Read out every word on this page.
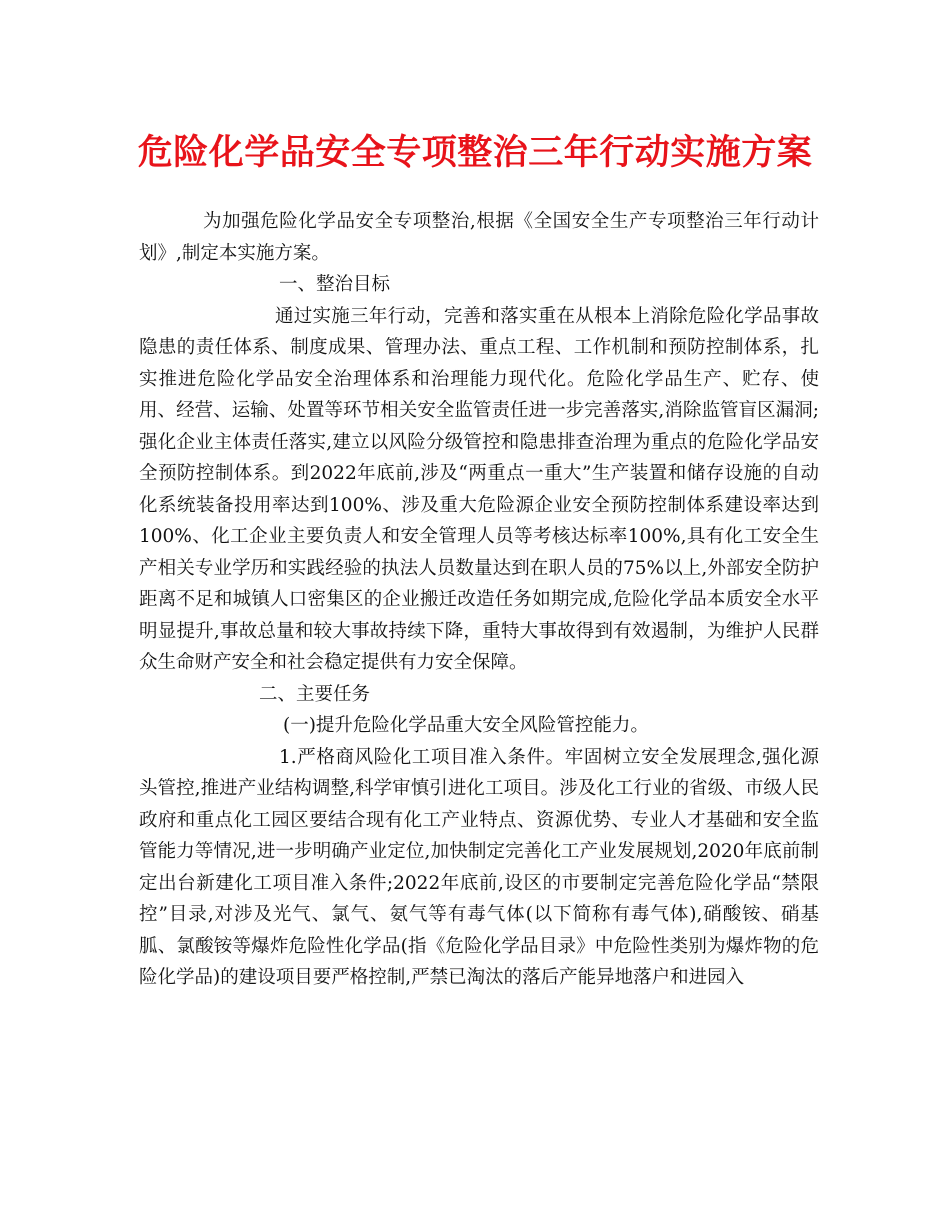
危险化学品安全专项整治三年行动实施方案

为加强危险化学品安全专项整治,根据《全国安全生产专项整治三年行动计划》,制定本实施方案。

一、整治目标

通过实施三年行动，完善和落实重在从根本上消除危险化学品事故隐患的责任体系、制度成果、管理办法、重点工程、工作机制和预防控制体系，扎实推进危险化学品安全治理体系和治理能力现代化。危险化学品生产、贮存、使用、经营、运输、处置等环节相关安全监管责任进一步完善落实,消除监管盲区漏洞;强化企业主体责任落实,建立以风险分级管控和隐患排查治理为重点的危险化学品安全预防控制体系。到2022年底前,涉及“两重点一重大”生产装置和储存设施的自动化系统装备投用率达到100%、涉及重大危险源企业安全预防控制体系建设率达到100%、化工企业主要负责人和安全管理人员等考核达标率100%,具有化工安全生产相关专业学历和实践经验的执法人员数量达到在职人员的75%以上,外部安全防护距离不足和城镇人口密集区的企业搬迁改造任务如期完成,危险化学品本质安全水平明显提升,事故总量和较大事故持续下降，重特大事故得到有效遏制，为维护人民群众生命财产安全和社会稳定提供有力安全保障。

二、主要任务

(一)提升危险化学品重大安全风险管控能力。

1.严格商风险化工项目准入条件。牢固树立安全发展理念,强化源头管控,推进产业结构调整,科学审慎引进化工项目。涉及化工行业的省级、市级人民政府和重点化工园区要结合现有化工产业特点、资源优势、专业人才基础和安全监管能力等情况,进一步明确产业定位,加快制定完善化工产业发展规划,2020年底前制定出台新建化工项目准入条件;2022年底前,设区的市要制定完善危险化学品“禁限控”目录,对涉及光气、氯气、氨气等有毒气体(以下简称有毒气体),硝酸铵、硝基胍、氯酸铵等爆炸危险性化学品(指《危险化学品目录》中危险性类别为爆炸物的危险化学品)的建设项目要严格控制,严禁已淘汰的落后产能异地落户和进园入
